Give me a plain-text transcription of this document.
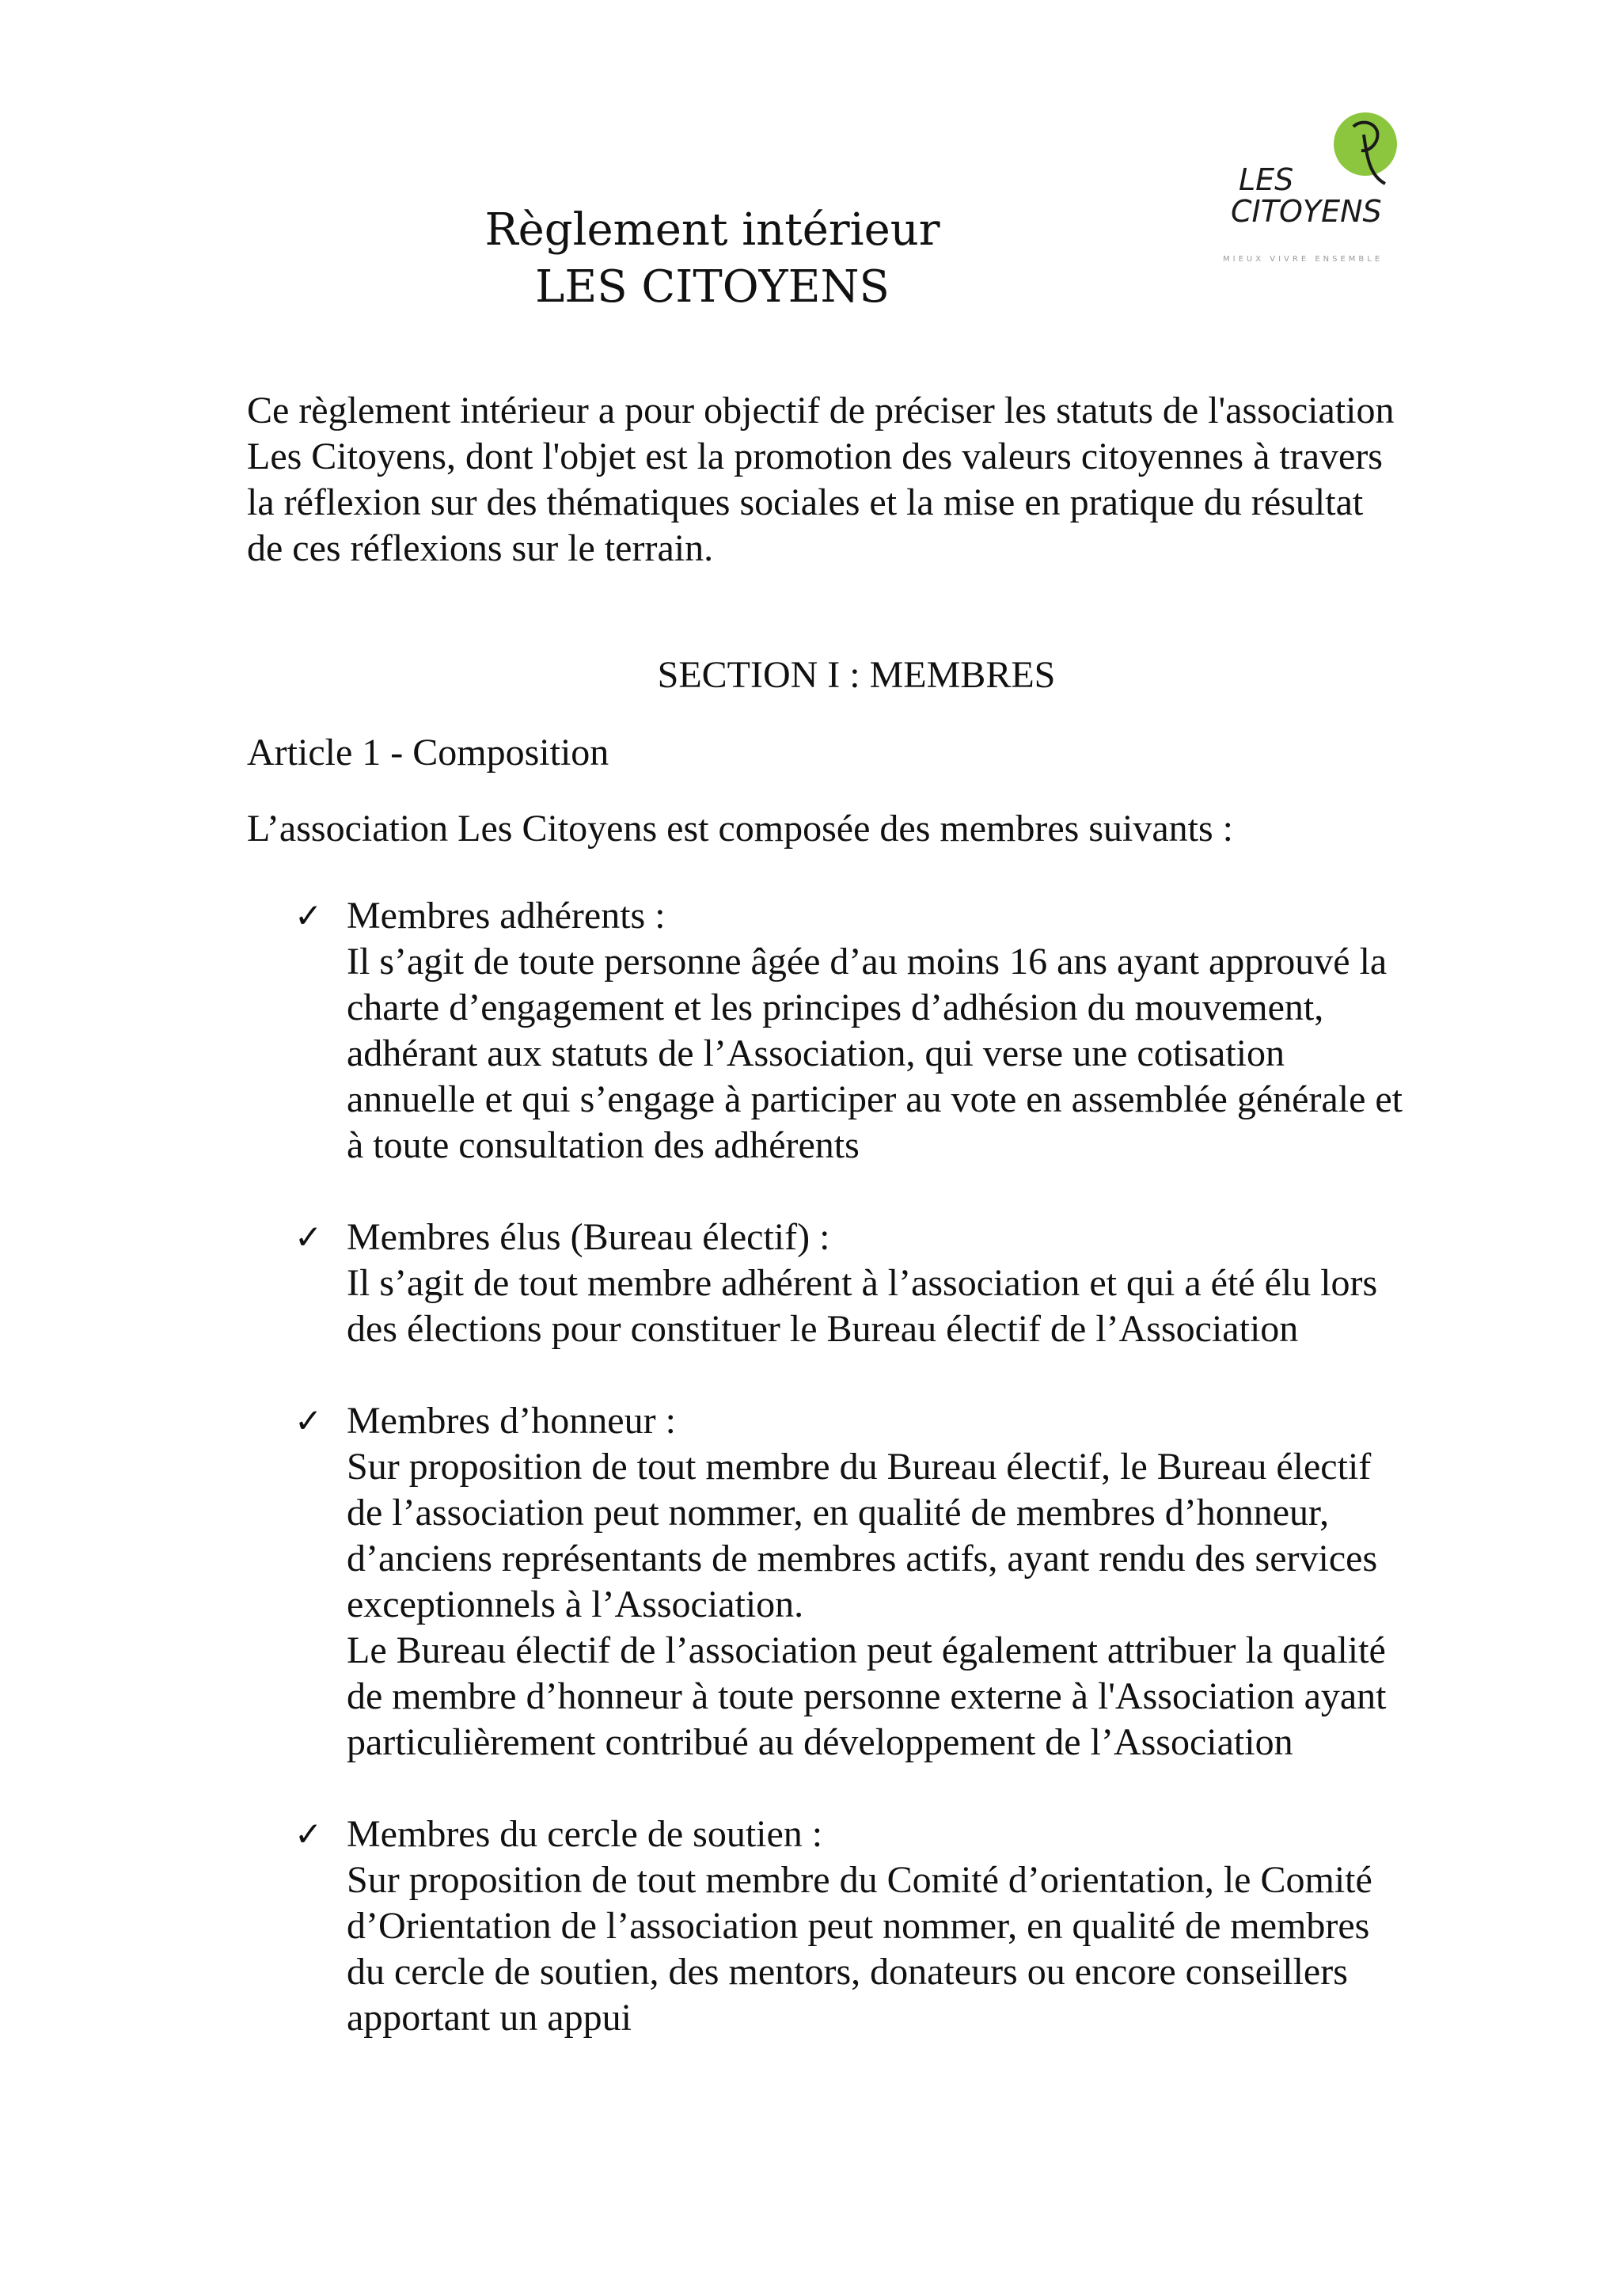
LES
CITOYENS
MIEUX VIVRE ENSEMBLE
Règlement intérieur
LES CITOYENS

Ce règlement intérieur a pour objectif de préciser les statuts de l'association Les Citoyens, dont l'objet est la promotion des valeurs citoyennes à travers la réflexion sur des thématiques sociales et la mise en pratique du résultat de ces réflexions sur le terrain.

SECTION I : MEMBRES

Article 1 - Composition

L’association Les Citoyens est composée des membres suivants :

✓ Membres adhérents :
Il s’agit de toute personne âgée d’au moins 16 ans ayant approuvé la charte d’engagement et les principes d’adhésion du mouvement, adhérant aux statuts de l’Association, qui verse une cotisation annuelle et qui s’engage à participer au vote en assemblée générale et à toute consultation des adhérents
✓ Membres élus (Bureau électif) :
Il s’agit de tout membre adhérent à l’association et qui a été élu lors des élections pour constituer le Bureau électif de l’Association
✓ Membres d’honneur :
Sur proposition de tout membre du Bureau électif, le Bureau électif de l’association peut nommer, en qualité de membres d’honneur, d’anciens représentants de membres actifs, ayant rendu des services exceptionnels à l’Association.
Le Bureau électif de l’association peut également attribuer la qualité de membre d’honneur à toute personne externe à l'Association ayant particulièrement contribué au développement de l’Association
✓ Membres du cercle de soutien :
Sur proposition de tout membre du Comité d’orientation, le Comité d’Orientation de l’association peut nommer, en qualité de membres du cercle de soutien, des mentors, donateurs ou encore conseillers apportant un appui
